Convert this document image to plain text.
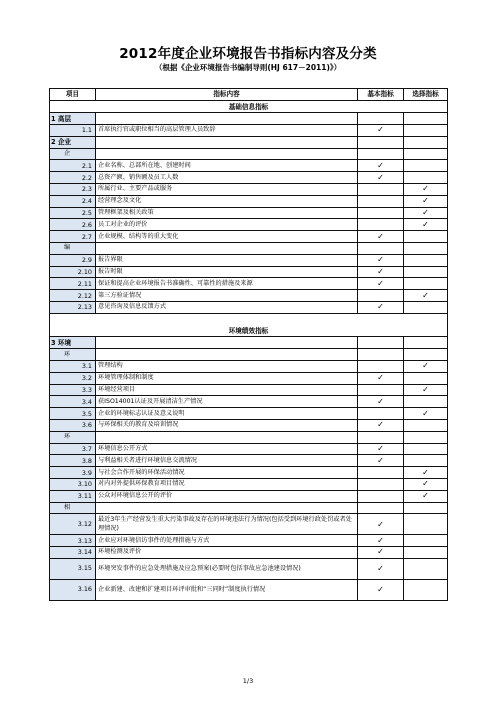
2012年度企业环境报告书指标内容及分类
（根据《企业环境报告书编制导则(HJ 617－2011)》）
项目	指标内容	基本指标	选择指标
基础信息指标			
1 高层			
1.1	首席执行官或职位相当的高层管理人员致辞	✓	
2 企业			
企			
2.1	企业名称、总部所在地、创建时间	✓	
2.2	总资产额、销售额及员工人数	✓	
2.3	所属行业、主要产品或服务		✓
2.4	经营理念及文化		✓
2.5	管理框架及相关政策		✓
2.6	员工对企业的评价		✓
2.7	企业规模、结构等的重大变化	✓	
编			
2.9	报告界限	✓	
2.10	报告时限	✓	
2.11	保证和提高企业环境报告书准确性、可靠性的措施及来源	✓	
2.12	第三方验证情况		✓
2.13	意见咨询及信息反馈方式	✓	

环境绩效指标			
3 环境			
环			
3.1	管理结构		✓
3.2	环境管理体制和制度	✓	
3.3	环境经营项目		✓
3.4	获ISO14001认证及开展清洁生产情况	✓	
3.5	企业的环境标志认证及意义说明		✓
3.6	与环保相关的教育及培训情况	✓	
环			
3.7	环境信息公开方式	✓	
3.8	与利益相关者进行环境信息交流情况	✓	
3.9	与社会合作开展的环保活动情况		✓
3.10	对内对外提供环保教育项目情况		✓
3.11	公众对环境信息公开的评价		✓
相			
3.12	最近3年生产经营发生重大污染事故及存在的环境违法行为情况(包括受到环境行政处罚或者处理情况)	✓	
3.13	企业应对环境信访事件的处理措施与方式	✓	
3.14	环境检测及评价	✓	
3.15	环境突发事件的应急处理措施及应急预案(必要时包括事故应急池建设情况)	✓	
3.16	企业新建、改建和扩建项目环评审批和“三同时”制度执行情况	✓	
1/3
